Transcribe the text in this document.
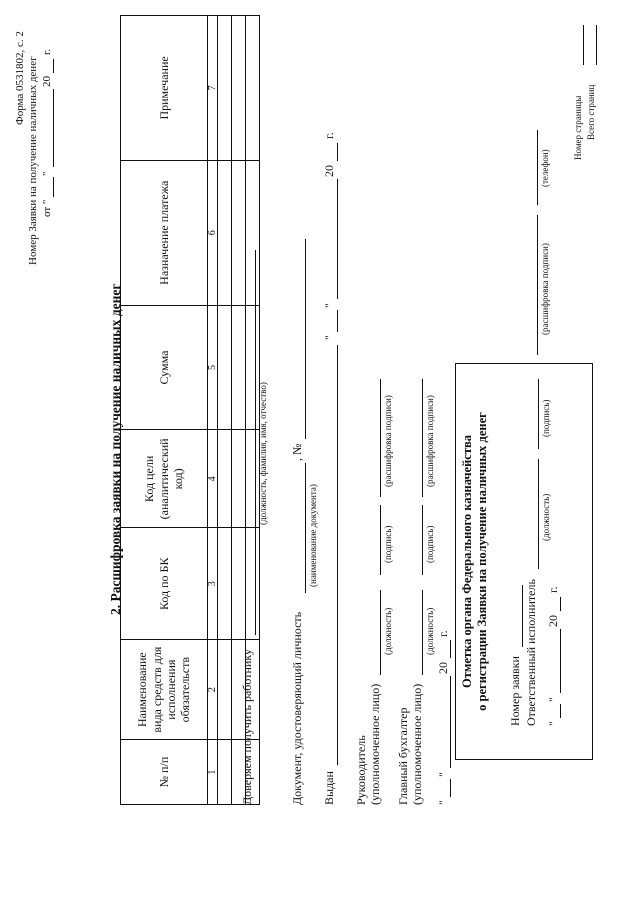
Форма 0531802, с. 2 Номер Заявки на получение наличных денег от "
"
20
г.
2. Расшифровка заявки на получение наличных денег
№ п/п	Наименование вида средств для исполнения обязательств	Код по БК	Код цели (аналитический код)	Сумма	Назначение платежа	Примечание
1	2	3	4	5	6	7

Доверяем получить работнику
(должность, фамилия, имя, отчество)
Документ, удостоверяющий личность
(наименование документа)
, №
Выдан
"
"
20
г.
Руководитель (уполномоченное лицо)
(должность)
(подпись)
(расшифровка подписи)
Главный бухгалтер (уполномоченное лицо)
(должность)
(подпись)
(расшифровка подписи)
"
"
20
г. Отметка органа Федерального казначейства о регистрации Заявки на получение наличных денег Номер заявки Ответственный исполнитель
(должность)
(подпись)
"
"
20
г.
(расшифровка подписи)
(телефон)
Номер страницы Всего страниц
